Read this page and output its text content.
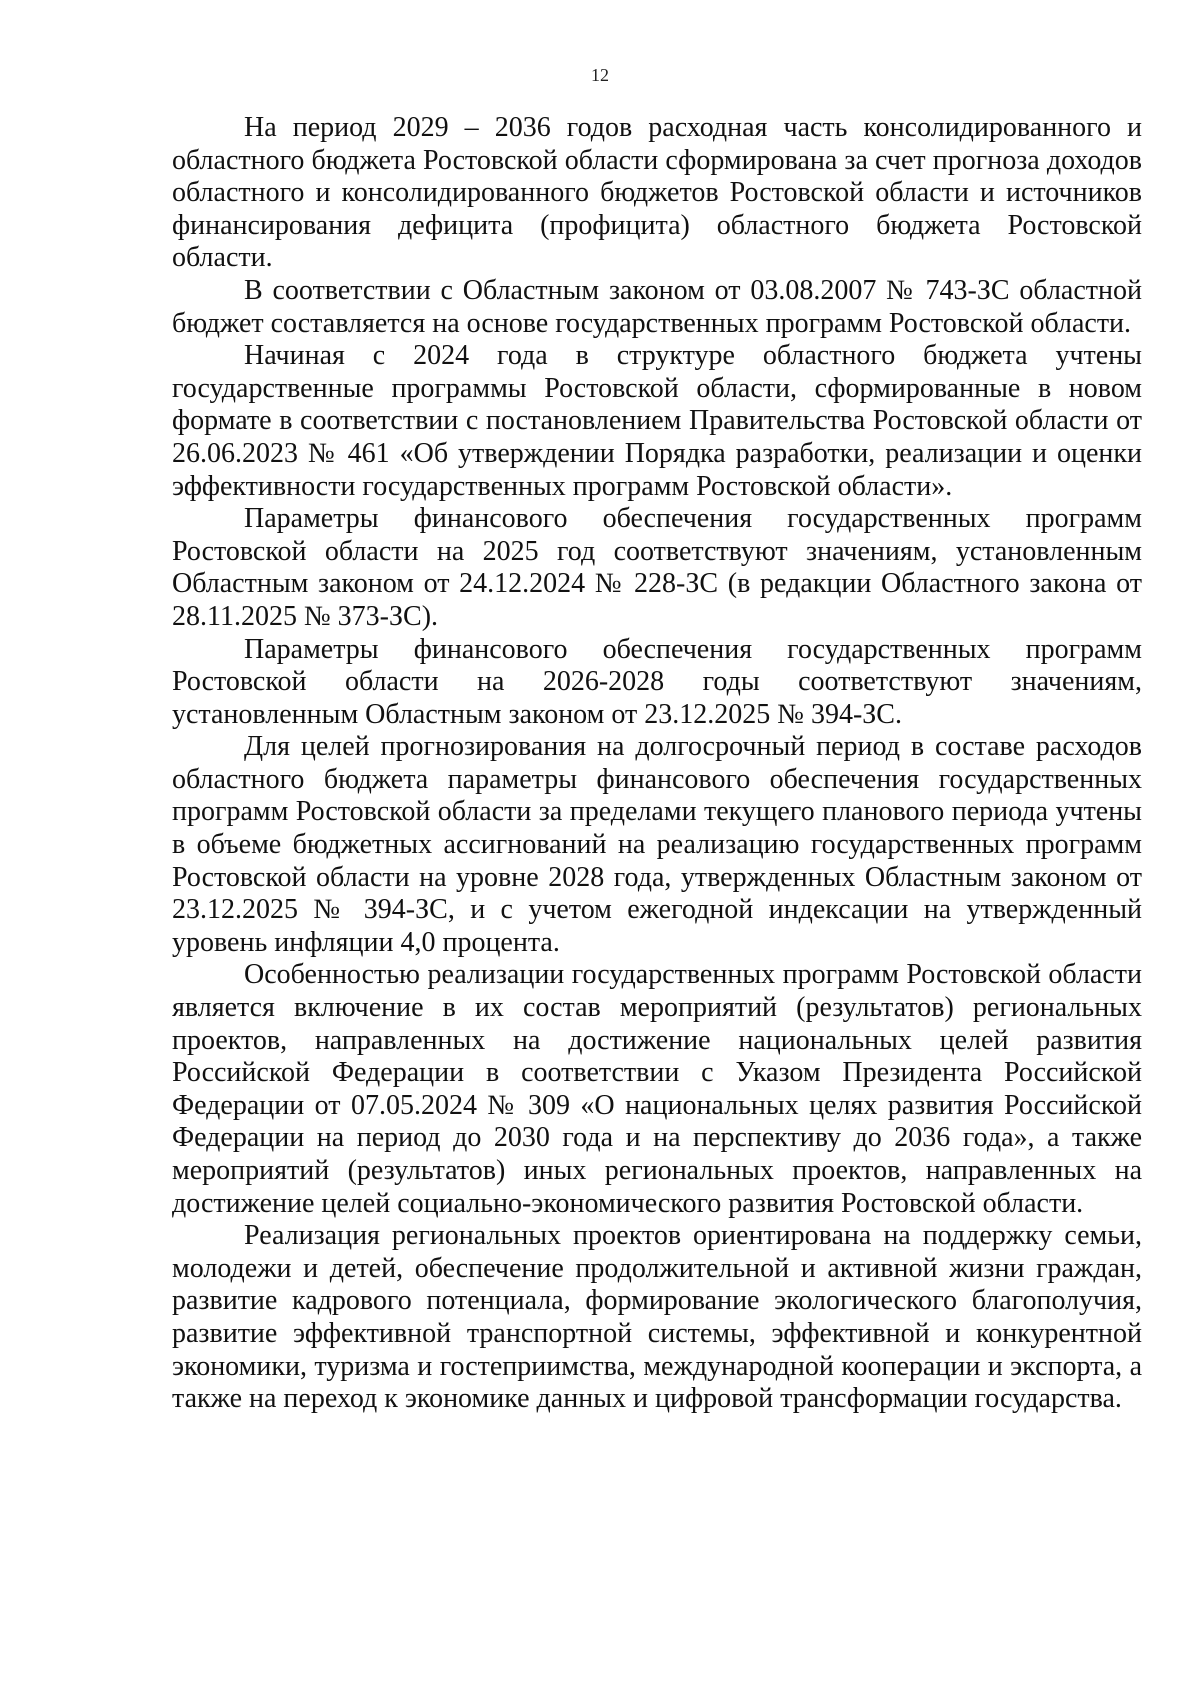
12

На период 2029 – 2036 годов расходная часть консолидированного и областного бюджета Ростовской области сформирована за счет прогноза доходов областного и консолидированного бюджетов Ростовской области и источников финансирования дефицита (профицита) областного бюджета Ростовской области.

В соответствии с Областным законом от 03.08.2007 № 743-ЗС областной бюджет составляется на основе государственных программ Ростовской области.

Начиная с 2024 года в структуре областного бюджета учтены государственные программы Ростовской области, сформированные в новом формате в соответствии с постановлением Правительства Ростовской области от 26.06.2023 № 461 «Об утверждении Порядка разработки, реализации и оценки эффективности государственных программ Ростовской области».

Параметры финансового обеспечения государственных программ Ростовской области на 2025 год соответствуют значениям, установленным Областным законом от 24.12.2024 № 228-ЗС (в редакции Областного закона от 28.11.2025 № 373-ЗС).

Параметры финансового обеспечения государственных программ Ростовской области на 2026-2028 годы соответствуют значениям, установленным Областным законом от 23.12.2025 № 394-ЗС.

Для целей прогнозирования на долгосрочный период в составе расходов областного бюджета параметры финансового обеспечения государственных программ Ростовской области за пределами текущего планового периода учтены в объеме бюджетных ассигнований на реализацию государственных программ Ростовской области на уровне 2028 года, утвержденных Областным законом от 23.12.2025 № 394-ЗС, и с учетом ежегодной индексации на утвержденный уровень инфляции 4,0 процента.

Особенностью реализации государственных программ Ростовской области является включение в их состав мероприятий (результатов) региональных проектов, направленных на достижение национальных целей развития Российской Федерации в соответствии с Указом Президента Российской Федерации от 07.05.2024 № 309 «О национальных целях развития Российской Федерации на период до 2030 года и на перспективу до 2036 года», а также мероприятий (результатов) иных региональных проектов, направленных на достижение целей социально-экономического развития Ростовской области.

Реализация региональных проектов ориентирована на поддержку семьи, молодежи и детей, обеспечение продолжительной и активной жизни граждан, развитие кадрового потенциала, формирование экологического благополучия, развитие эффективной транспортной системы, эффективной и конкурентной экономики, туризма и гостеприимства, международной кооперации и экспорта, а также на переход к экономике данных и цифровой трансформации государства.
